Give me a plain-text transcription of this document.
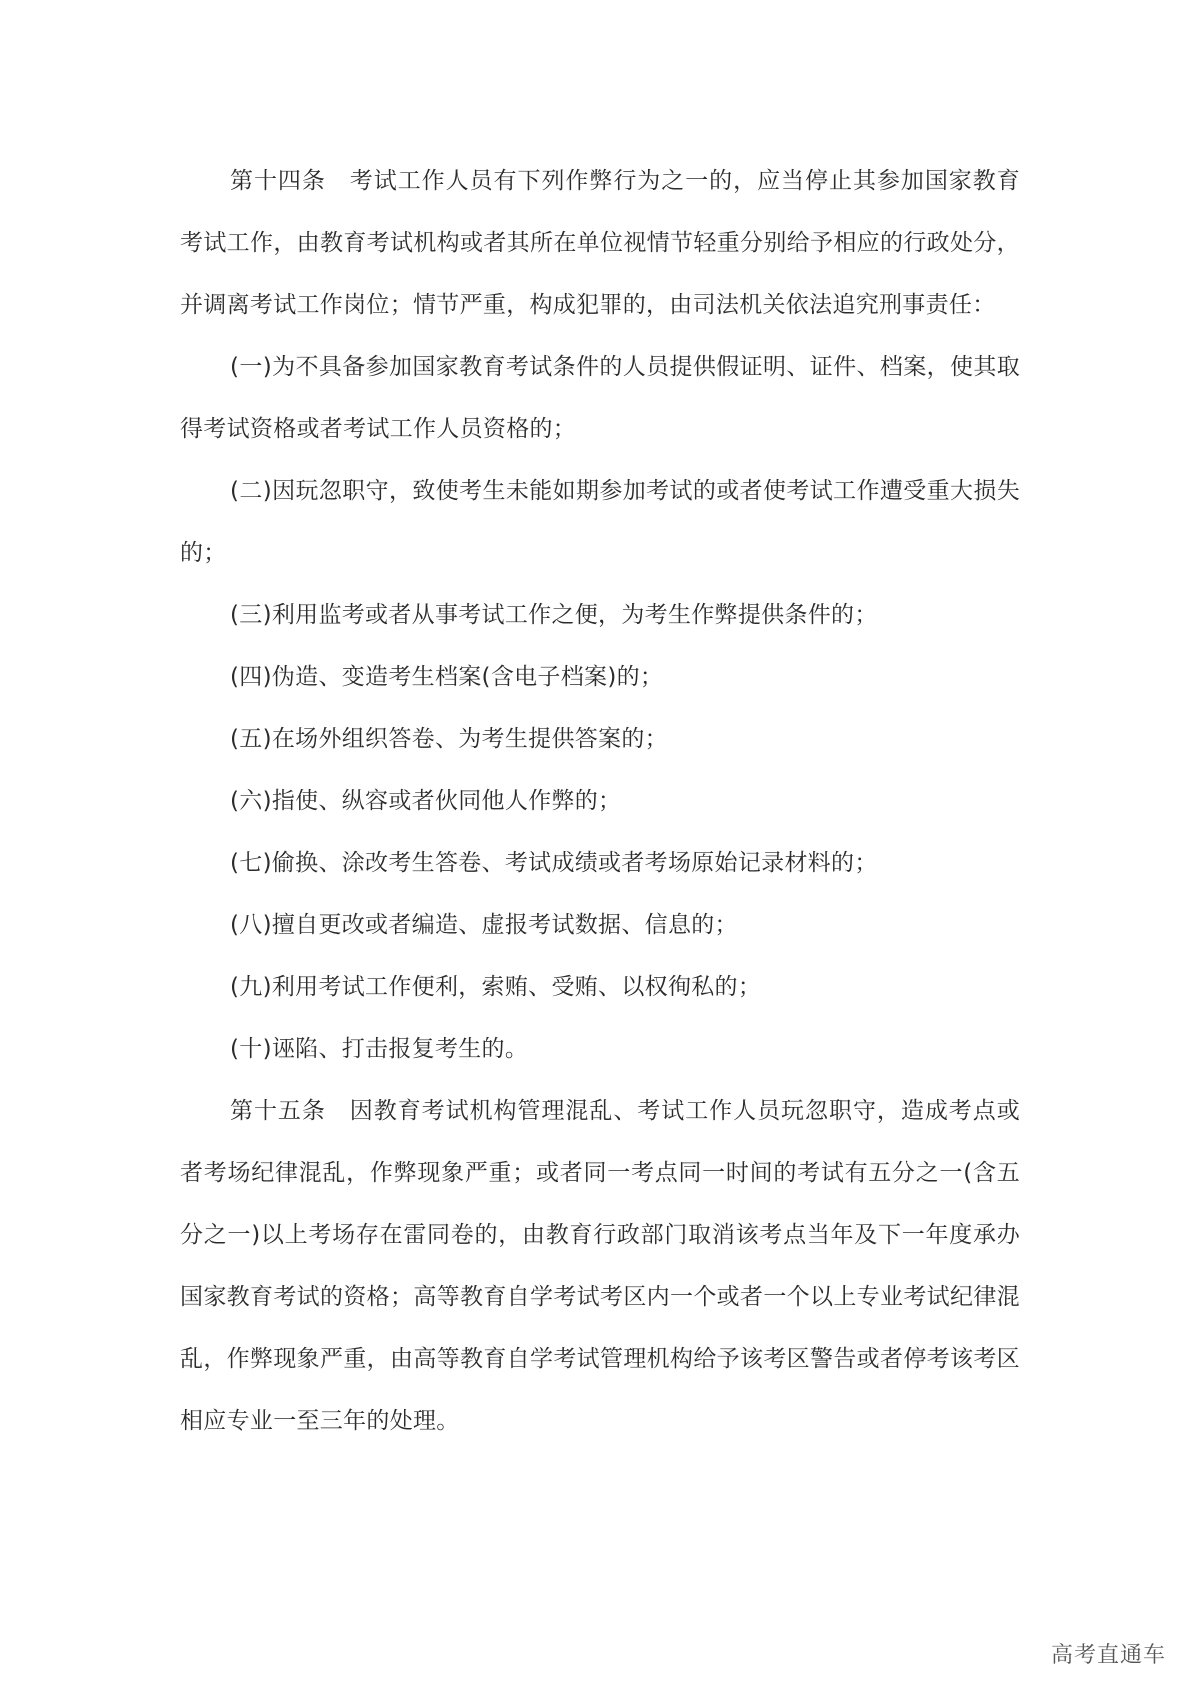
第十四条　考试工作人员有下列作弊行为之一的，应当停止其参加国家教育考试工作，由教育考试机构或者其所在单位视情节轻重分别给予相应的行政处分，并调离考试工作岗位；情节严重，构成犯罪的，由司法机关依法追究刑事责任：

(一)为不具备参加国家教育考试条件的人员提供假证明、证件、档案，使其取得考试资格或者考试工作人员资格的；

(二)因玩忽职守，致使考生未能如期参加考试的或者使考试工作遭受重大损失的；

(三)利用监考或者从事考试工作之便，为考生作弊提供条件的；

(四)伪造、变造考生档案(含电子档案)的；

(五)在场外组织答卷、为考生提供答案的；

(六)指使、纵容或者伙同他人作弊的；

(七)偷换、涂改考生答卷、考试成绩或者考场原始记录材料的；

(八)擅自更改或者编造、虚报考试数据、信息的；

(九)利用考试工作便利，索贿、受贿、以权徇私的；

(十)诬陷、打击报复考生的。

第十五条　因教育考试机构管理混乱、考试工作人员玩忽职守，造成考点或者考场纪律混乱，作弊现象严重；或者同一考点同一时间的考试有五分之一(含五分之一)以上考场存在雷同卷的，由教育行政部门取消该考点当年及下一年度承办国家教育考试的资格；高等教育自学考试考区内一个或者一个以上专业考试纪律混乱，作弊现象严重，由高等教育自学考试管理机构给予该考区警告或者停考该考区相应专业一至三年的处理。

高考直通车
